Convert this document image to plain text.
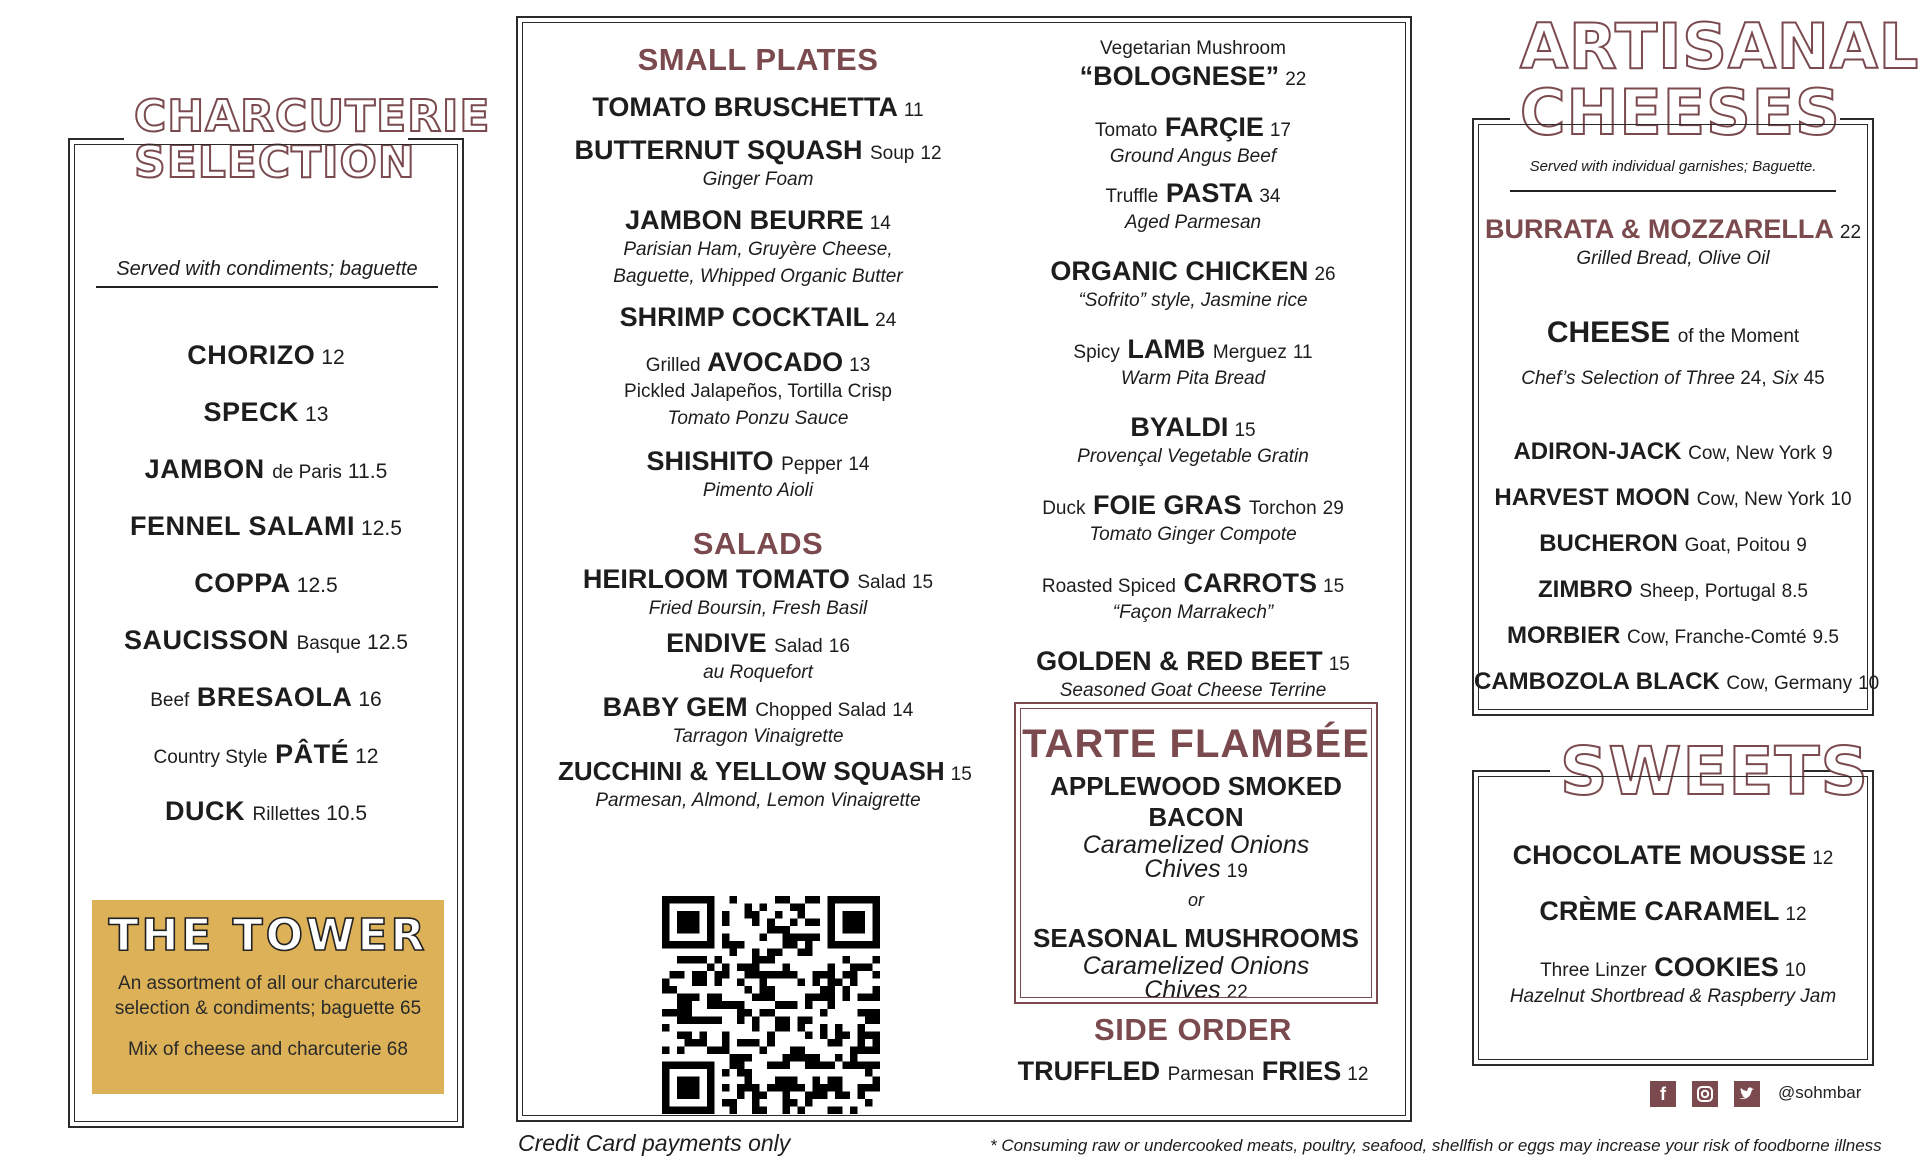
CHARCUTERIE
SELECTION
Served with condiments; baguette
CHORIZO 12
SPECK 13
JAMBON de Paris 11.5
FENNEL SALAMI 12.5
COPPA 12.5
SAUCISSON Basque 12.5
Beef BRESAOLA 16
Country Style PÂTÉ 12
DUCK Rillettes 10.5
THE TOWER
An assortment of all our charcuterie
selection & condiments; baguette 65
Mix of cheese and charcuterie 68
SMALL PLATES
TOMATO BRUSCHETTA 11
BUTTERNUT SQUASH Soup 12
Ginger Foam
JAMBON BEURRE 14
Parisian Ham, Gruyère Cheese,
Baguette, Whipped Organic Butter
SHRIMP COCKTAIL 24
Grilled AVOCADO 13
Pickled Jalapeños, Tortilla Crisp
Tomato Ponzu Sauce
SHISHITO Pepper 14
Pimento Aioli
SALADS
HEIRLOOM TOMATO Salad 15
Fried Boursin, Fresh Basil
ENDIVE Salad 16
au Roquefort
BABY GEM Chopped Salad 14
Tarragon Vinaigrette
ZUCCHINI & YELLOW SQUASH 15
Parmesan, Almond, Lemon Vinaigrette
Vegetarian Mushroom “BOLOGNESE” 22
Tomato FARÇIE 17
Ground Angus Beef
Truffle PASTA 34
Aged Parmesan
ORGANIC CHICKEN 26
“Sofrito” style, Jasmine rice
Spicy LAMB Merguez 11
Warm Pita Bread
BYALDI 15
Provençal Vegetable Gratin
Duck FOIE GRAS Torchon 29
Tomato Ginger Compote
Roasted Spiced CARROTS 15
“Façon Marrakech”
GOLDEN & RED BEET 15
Seasoned Goat Cheese Terrine
TARTE FLAMBÉE
APPLEWOOD SMOKED BACON
Caramelized Onions
Chives 19
or
SEASONAL MUSHROOMS
Caramelized Onions
Chives 22
SIDE ORDER
TRUFFLED Parmesan FRIES 12
ARTISANAL
CHEESES
Served with individual garnishes; Baguette.
BURRATA & MOZZARELLA 22
Grilled Bread, Olive Oil
CHEESE of the Moment
Chef’s Selection of Three 24, Six 45
ADIRON-JACK Cow, New York 9
HARVEST MOON Cow, New York 10
BUCHERON Goat, Poitou 9
ZIMBRO Sheep, Portugal 8.5
MORBIER Cow, Franche-Comté 9.5
CAMBOZOLA BLACK Cow, Germany 10
SWEETS
CHOCOLATE MOUSSE 12
CRÈME CARAMEL 12
Three Linzer COOKIES 10
Hazelnut Shortbread & Raspberry Jam
f	@sohmbar
Credit Card payments only	* Consuming raw or undercooked meats, poultry, seafood, shellfish or eggs may increase your risk of foodborne illness
